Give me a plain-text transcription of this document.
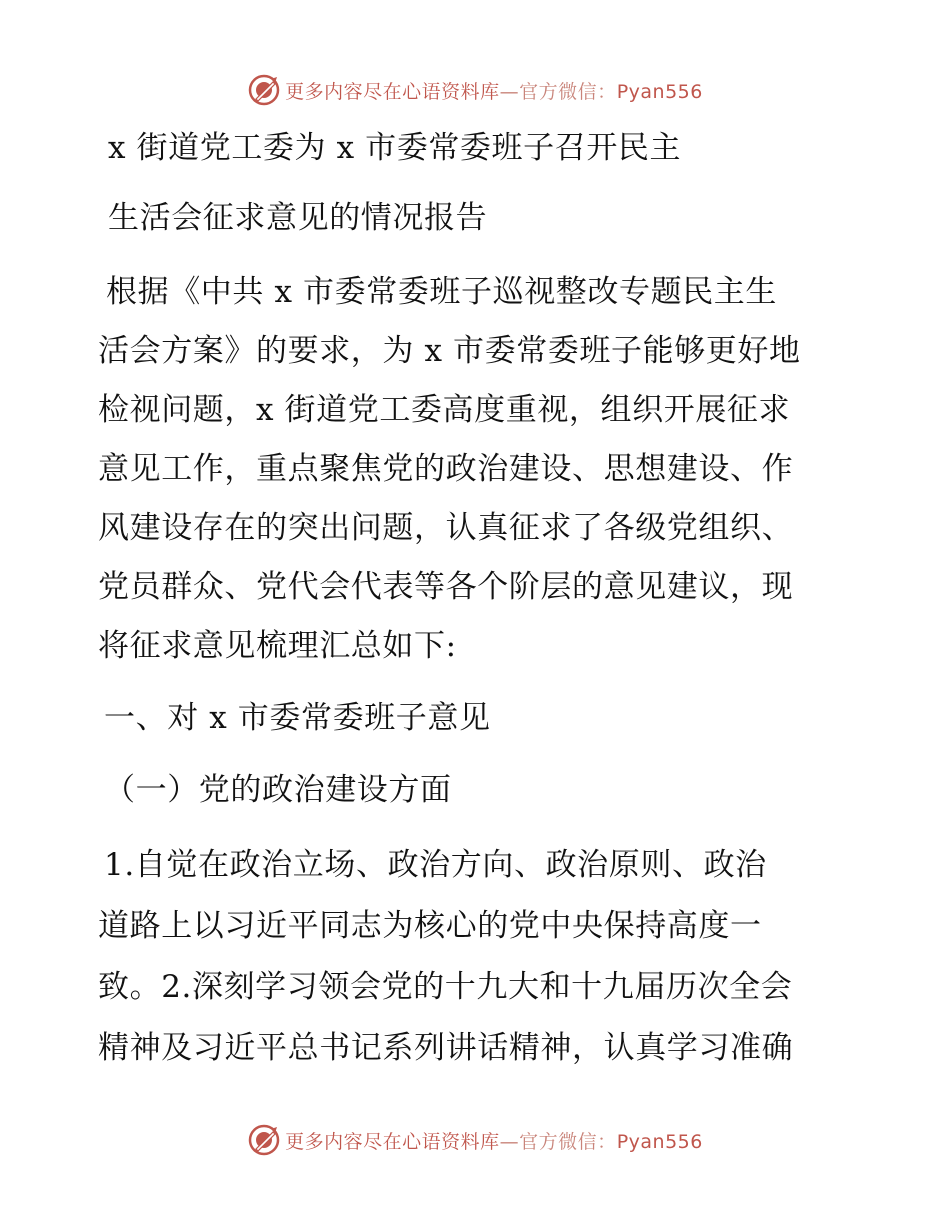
更多内容尽在心语资料库—官方微信：Pyan556
x 街道党工委为 x 市委常委班子召开民主
生活会征求意见的情况报告
根据《中共 x 市委常委班子巡视整改专题民主生
活会方案》的要求，为 x 市委常委班子能够更好地
检视问题，x 街道党工委高度重视，组织开展征求
意见工作，重点聚焦党的政治建设、思想建设、作
风建设存在的突出问题，认真征求了各级党组织、
党员群众、党代会代表等各个阶层的意见建议，现
将征求意见梳理汇总如下:
一、对 x 市委常委班子意见
（一）党的政治建设方面
1.自觉在政治立场、政治方向、政治原则、政治
道路上以习近平同志为核心的党中央保持高度一
致。2.深刻学习领会党的十九大和十九届历次全会
精神及习近平总书记系列讲话精神，认真学习准确
更多内容尽在心语资料库—官方微信：Pyan556
